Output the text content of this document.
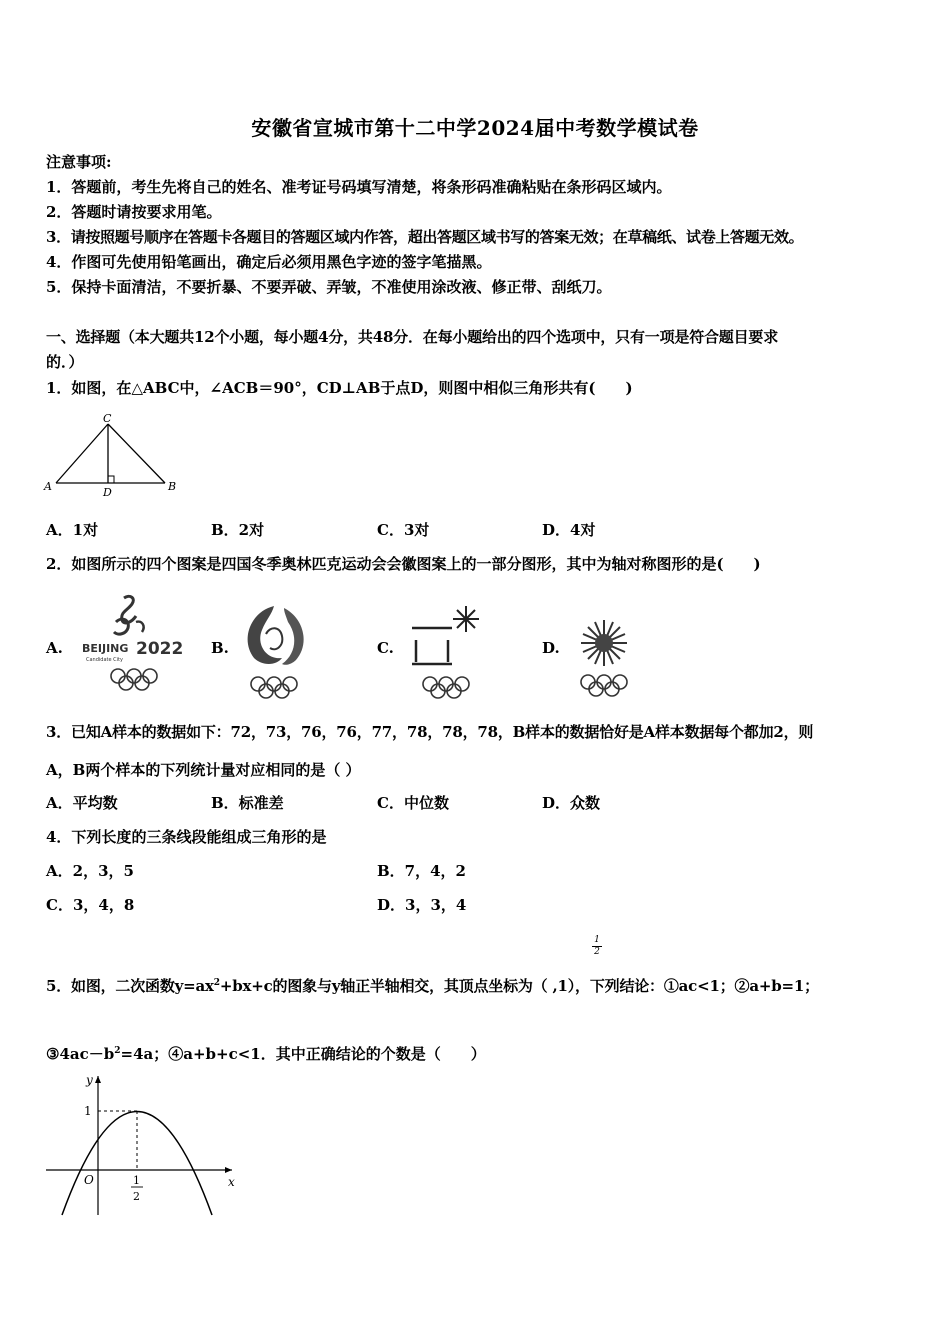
安徽省宣城市第十二中学2024届中考数学模试卷
注意事项:
1．答题前，考生先将自己的姓名、准考证号码填写清楚，将条形码准确粘贴在条形码区域内。
2．答题时请按要求用笔。
3．请按照题号顺序在答题卡各题目的答题区域内作答，超出答题区域书写的答案无效；在草稿纸、试卷上答题无效。
4．作图可先使用铅笔画出，确定后必须用黑色字迹的签字笔描黑。
5．保持卡面清洁，不要折暴、不要弄破、弄皱，不准使用涂改液、修正带、刮纸刀。
一、选择题（本大题共12个小题，每小题4分，共48分．在每小题给出的四个选项中，只有一项是符合题目要求
的．）
1．如图，在△ABC中，∠ACB＝90°，CD⊥AB于点D，则图中相似三角形共有(　　)
C
A	B
D
A．1对	B．2对	C．3对	D．4对
2．如图所示的四个图案是四国冬季奥林匹克运动会会徽图案上的一部分图形，其中为轴对称图形的是(　　)
A. BEIJING 2022
Candidate City
B.	C.	D.
3．已知A样本的数据如下：72，73，76，76，77，78，78，78，B样本的数据恰好是A样本数据每个都加2，则
A，B两个样本的下列统计量对应相同的是（ ）
A．平均数	B．标准差	C．中位数	D．众数
4．下列长度的三条线段能组成三角形的是
A．2，3，5	B．7，4，2
C．3，4，8	D．3，3，4
1
2
5．如图，二次函数$y=ax^2+bx+c$的图象与y轴正半轴相交，其顶点坐标为（ ,1），下列结论：①ac<1；②a+b=1；
$③4ac-b^2=4a$；④a+b+c<1．其中正确结论的个数是（　　）
y
x
O
1
1
2
